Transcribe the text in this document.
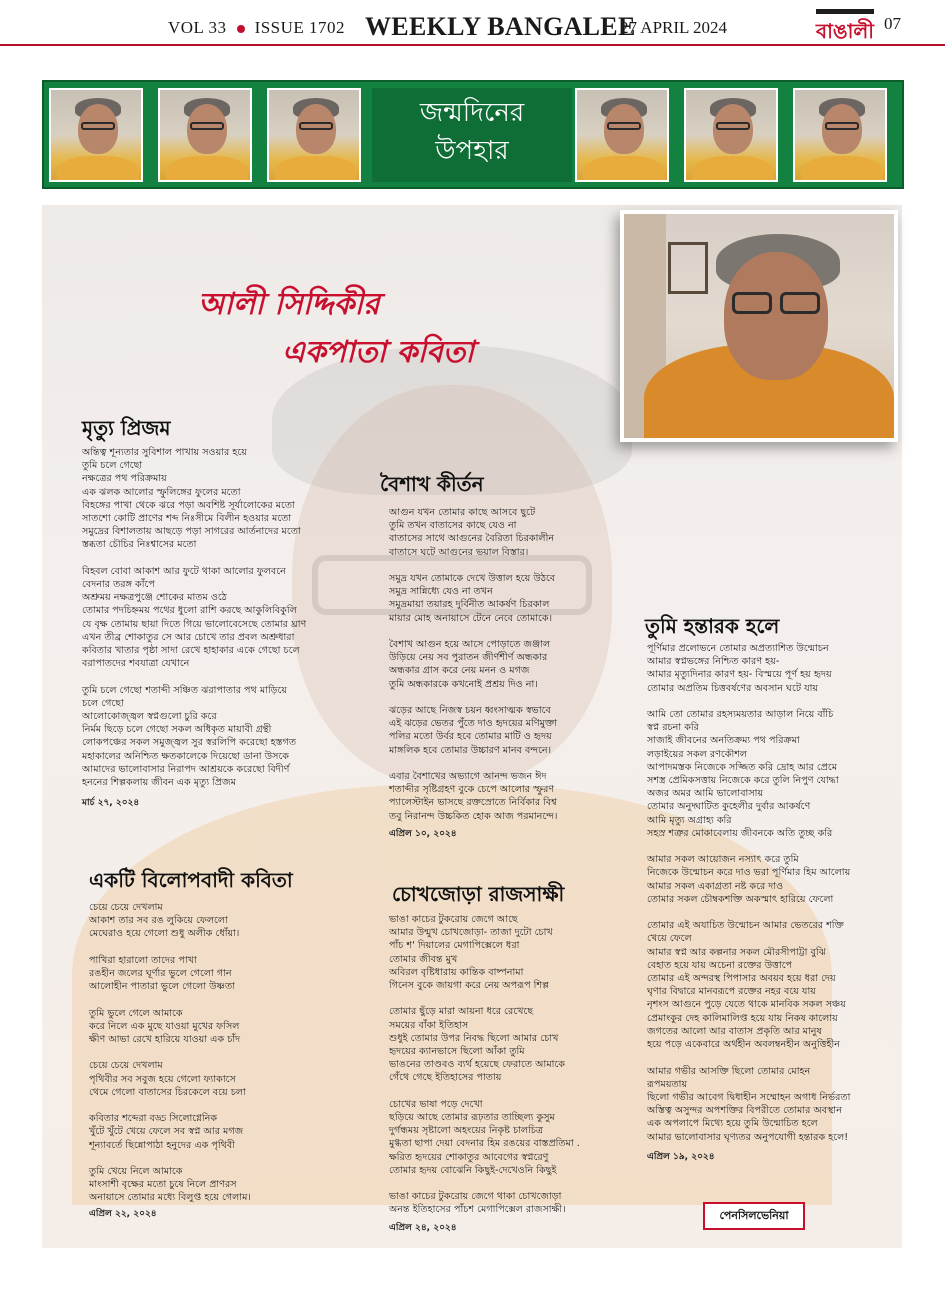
VOL 33 ISSUE 1702 WEEKLY BANGALEE
27 APRIL 2024	বাঙালী 07
জন্মদিনের
উপহার
আলী সিদ্দিকীর
একপাতা কবিতা
মৃত্যু প্রিজম
অন্তিত্ব শূন্যতার সুবিশাল পাখায় সওয়ার হয়ে
তুমি চলে গেছো
নক্ষত্রের পথ পরিক্রমায়
এক ঝলক আলোর স্ফুলিঙ্গের ফুলের মতো
বিহঙ্গের পাখা থেকে ঝরে পড়া অবশিষ্ট সূর্যালোকের মতো
সাতশো কোটি প্রাণের শব্দ নিঃসীমে বিলীন হওয়ার মতো
সমুদ্রের বিশালতায় আছড়ে পড়া সাগরের আর্তনাদের মতো
স্তব্ধতা চৌচির নিঃশ্বাসের মতো

বিহবল বোবা আকাশ আর ফুটে থাকা আলোর ফুলবনে
বেদনার তরঙ্গ কাঁপে
অশ্রুময় নক্ষত্রপুঞ্জে শোকের মাতম ওঠে
তোমার পদচিহ্নময় পথের ধুলো রাশি করছে আকুলিবিকুলি
যে বৃক্ষ তোমায় ছায়া দিতে গিয়ে ভালোবেসেছে তোমার ঘ্রাণ
এখন তীব্র শোকাতুর সে আর চোখে তার প্রবল অশ্রুধারা
কবিতার খাতার পৃষ্ঠা সাদা রেখে হাহাকার একে গেছো চলে
বরাপাতদের শবযাত্রা যেখানে

তুমি চলে গেছো শতাব্দী সঞ্চিত ঝরাপাতার পথ মাড়িয়ে
চলে গেছো
আলোকোজ্জ্বল স্বপ্নগুলো চুরি করে
নির্মম ছিড়ে চলে গেছো সকল অধিকৃত মায়াবী গ্রন্থী
লোকপঞ্চের সকল সমুজ্জ্বল সুর স্বরলিপি করেছো হস্তগত
মহাকালের অনিশ্চিত ক্ষতকালেকে দিয়েছো ডানা উসকে
আমাদের ভালোবাসার নিরাপদ আশ্রয়কে করেছো বিদীর্ণ
হননের শিল্পকলায় জীবন এক মৃত্যু প্রিজম
মার্চ ২৭, ২০২৪
বৈশাখ কীর্তন
আগুন যখন তোমার কাছে আসবে ছুটে
তুমি তখন বাতাসের কাছে যেও না
বাতাসের সাথে আগুনের বৈরিতা চিরকালীন
বাতাসে ঘটে আগুনের ভয়াল বিস্তার।

সমুদ্র যখন তোমাকে দেখে উত্তাল হয়ে উঠবে
সমুদ্র সান্নিধ্যে যেও না তখন
সমুদ্রমায়া তয়ারহ দুর্বিনীত আকর্ষণ চিরকাল
মায়ার মোহ অনায়াসে টেনে নেবে তোমাকে।

বৈশাখ আগুন হয়ে আসে পোড়াতে জঞ্জাল
উড়িয়ে নেয় সব পুরাতন জীর্ণশীর্ণ অন্ধকার
অন্ধকার গ্রাস করে নেয় মনন ও মগজ
তুমি অন্ধকারকে কখনোই প্রশ্রয় দিও না।

ঝড়ের আছে নিজস্ব চয়ন ধ্বংসাত্মক স্বভাবে
এই ঝড়ের ভেতর পুঁতে দাও হৃদয়ের মণিমুক্তা
পলির মতো উর্বর হবে তোমার মাটি ও হৃদয়
মাঙ্গলিক হবে তোমার উচ্চারণ মানব বন্দনে।

এবার বৈশাখের অভ্যাগে আনন্দ ভজন ঈদ
শতাব্দীর সৃষ্টিগ্রহণ বুকে চেপে আলোর স্ফুরণ
প্যালেস্টাইন ভাসছে রক্তস্রোতে নির্বিকার বিশ্ব
তবু নিরানন্দ উচ্চকিত হোক আজ পরমানন্দে।
এপ্রিল ১০, ২০২৪
তুমি হন্তারক হলে
পূর্ণিমার প্রলোভনে তোমার অপ্রত্যাশিত উন্মোচন
আমার স্বপ্নভঙ্গের নিশ্চিত কারণ হয়-
আমার মৃত্যুদিনার কারণ হয়- বিস্ময়ে পূর্ণ হয় হৃদয়
তোমার অপ্রতিম চিত্তবর্ষণের অবসান ঘটে যায়

আমি তো তোমার রহস্যময়তার আড়াল নিয়ে বাঁচি
স্বপ্ন রচনা করি
সাজাই জীবনের অনতিক্রম্য পথ পরিক্রমা
লড়াইয়ের সকল রণকৌশল
আপাদমস্তক নিজেকে সজ্জিত করি দ্রোহ আর প্রেমে
সশস্ত্র প্রেমিকসত্তায় নিজেকে করে তুলি নিপুণ যোদ্ধা
অজর অমর আমি ভালোবাসায়
তোমার অনুদ্ঘাটিত কুহেলীর দুর্বার আকর্ষণে
আমি মৃত্যু অগ্রাহ্য করি
সহস্র শত্রুর মোকাবেলায় জীবনকে অতি তুচ্ছ করি

আমার সকল আয়োজন নস্যাৎ করে তুমি
নিজেকে উন্মোচন করে দাও ভরা পূর্ণিমার হিম আলোয়
আমার সকল একাগ্রতা নষ্ট করে দাও
তোমার সকল চৌম্বকশক্তি অকস্মাৎ হারিয়ে ফেলো

তোমার এই অযাচিত উন্মোচন আমার ভেতরের শক্তি
খেয়ে ফেলে
আমার স্বপ্ন আর কল্পনার সকল মৌরসীপাট্টা বুঝি
বেহাত হয়ে যায় অচেনা রক্তের উত্তাপে
তোমার এই অন্দরস্থ পিপাসার অবয়ব হয়ে ধরা দেয়
ঘৃণার বিদ্বারে মানবরূপে রক্তের নহর বয়ে যায়
নৃশংস আগুনে পুড়ে যেতে থাকে মানবিক সকল সঞ্চয়
প্রেমাংকুর দেহ কালিমালিপ্ত হয়ে যায় নিকষ কালোয়
জগতের আলো আর বাতাস প্রকৃতি আর মানুষ
হয়ে পড়ে একেবারে অর্থহীন অবলম্বনহীন অনুত্তিহীন

আমার গভীর আসক্তি ছিলো তোমার মোহন
রূপময়তায়
ছিলো গভীর আবেগ দ্বিধাহীন সম্মোহন অগাধ নির্ভরতা
অস্তিত্ব অসুন্দর অপশক্তির বিপরীতে তোমার অবস্থান
এক অপলাপে মিথ্যে হয়ে তুমি উন্মোচিত হলে
আমার ভালোবাসার ঘৃণ্যতর অনুপযোগী হন্তারক হলে!
এপ্রিল ১৯, ২০২৪
একটি বিলোপবাদী কবিতা
চেয়ে চেয়ে দেখলাম
আকাশ তার সব রঙ লুকিয়ে ফেললো
মেঘেরাও হয়ে গেলো শুধু অলীক ধোঁয়া।

পাখিরা হারালো তাদের পাখা
রঙহীন জলের ঘূর্ণার ভুলে গেলো গান
আলোহীন পাতারা ভুলে গেলো উষ্ণতা

তুমি ভুলে গেলে আমাকে
করে নিলে এক মুছে যাওয়া মুখের ফসিল
ক্ষীণ আভা রেখে হারিয়ে যাওয়া এক চাঁদ

চেয়ে চেয়ে দেখলাম
পৃথিবীর সব সবুজ হয়ে গেলো ফ্যাকাসে
থেমে গেলো বাতাসের চিরকেলে বয়ে চলা

কবিতার শব্দেরা বড্ড সিলোগ্নেনিক
খুঁটে খুঁটে খেয়ে ফেলে সব স্বপ্ন আর মগজ
শূন্যাবর্তে ছিন্নোপাঠা হনুদের এক পৃথিবী

তুমি খেয়ে নিলে আমাকে
মাংসাশী বৃক্ষের মতো চুষে নিলে প্রাণরস
অনায়াসে তোমার মধ্যে বিলুপ্ত হয়ে গেলাম।
এপ্রিল ২২, ২০২৪
চোখজোড়া রাজসাক্ষী
ভাঙা কাচের টুকরোয় জেগে আছে
আমার উন্মুখ চোখজোড়া- তাজা দুটো চোখ
পাঁচ শ' দিয়ালের মেগাপিক্সেলে ধরা
তোমার জীবন্ত মুখ
অবিরল বৃষ্টিধারায় কান্তিক বাষ্পনামা
গিনেস বুকে জায়গা করে নেয় অপরূপ শিল্প

তোমার ছুঁড়ে মারা আয়না ধরে রেখেছে
সময়ের বাঁকা ইতিহাস
শুধুই তোমার উপর নিবদ্ধ ছিলো আমার চোখ
হৃদয়ের ক্যানভাসে ছিলো আঁকা তুমি
ভাঙনের তাণ্ডবও ব্যর্থ হয়েছে ফেরাতে আমাকে
গেঁথে গেছে ইতিহাসের পাতায়

চোখের ভাষা পড়ে দেখো
ছড়িয়ে আছে তোমার রূঢ়তার তাচ্ছিল্য কুসুম
দুর্গন্ধময় সৃষ্টালো অহংয়ের নিকৃষ্ট চালচিত্র
মুগ্ধতা ছাপা দেয়া বেদনার হিম রঙয়ের বাস্তপ্রতিমা .
ক্ষরিত হৃদয়ের শোকাতুর আবেগের স্বপ্নরেণু
তোমার হৃদয় বোঝেনি কিছুই-দেখেওনি কিছুই

ভাঙা কাচের টুকরোয় জেগে থাকা চোখজোড়া
অনন্ত ইতিহাসের পাঁচশ মেগাপিক্সেল রাজসাক্ষী।
এপ্রিল ২৪, ২০২৪
পেনসিলভেনিয়া
